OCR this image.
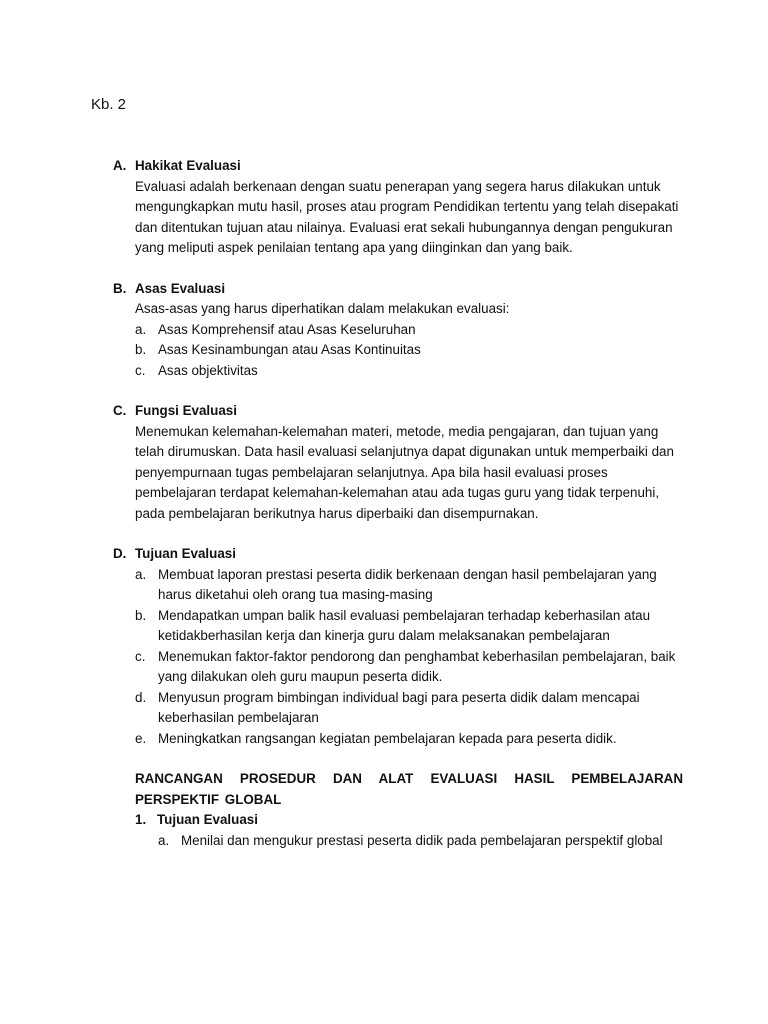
Kb. 2
A. Hakikat Evaluasi
Evaluasi adalah berkenaan dengan suatu penerapan yang segera harus dilakukan untuk mengungkapkan mutu hasil, proses atau program Pendidikan tertentu yang telah disepakati dan ditentukan tujuan atau nilainya. Evaluasi erat sekali hubungannya dengan pengukuran yang meliputi aspek penilaian tentang apa yang diinginkan dan yang baik.
B. Asas Evaluasi
Asas-asas yang harus diperhatikan dalam melakukan evaluasi:
a. Asas Komprehensif atau Asas Keseluruhan
b. Asas Kesinambungan atau Asas Kontinuitas
c. Asas objektivitas
C. Fungsi Evaluasi
Menemukan kelemahan-kelemahan materi, metode, media pengajaran, dan tujuan yang telah dirumuskan. Data hasil evaluasi selanjutnya dapat digunakan untuk memperbaiki dan penyempurnaan tugas pembelajaran selanjutnya. Apa bila hasil evaluasi proses pembelajaran terdapat kelemahan-kelemahan atau ada tugas guru yang tidak terpenuhi, pada pembelajaran berikutnya harus diperbaiki dan disempurnakan.
D. Tujuan Evaluasi
a. Membuat laporan prestasi peserta didik berkenaan dengan hasil pembelajaran yang harus diketahui oleh orang tua masing-masing
b. Mendapatkan umpan balik hasil evaluasi pembelajaran terhadap keberhasilan atau ketidakberhasilan kerja dan kinerja guru dalam melaksanakan pembelajaran
c. Menemukan faktor-faktor pendorong dan penghambat keberhasilan pembelajaran, baik yang dilakukan oleh guru maupun peserta didik.
d. Menyusun program bimbingan individual bagi para peserta didik dalam mencapai keberhasilan pembelajaran
e. Meningkatkan rangsangan kegiatan pembelajaran kepada para peserta didik.
RANCANGAN PROSEDUR DAN ALAT EVALUASI HASIL PEMBELAJARAN PERSPEKTIF GLOBAL
1. Tujuan Evaluasi
a. Menilai dan mengukur prestasi peserta didik pada pembelajaran perspektif global
